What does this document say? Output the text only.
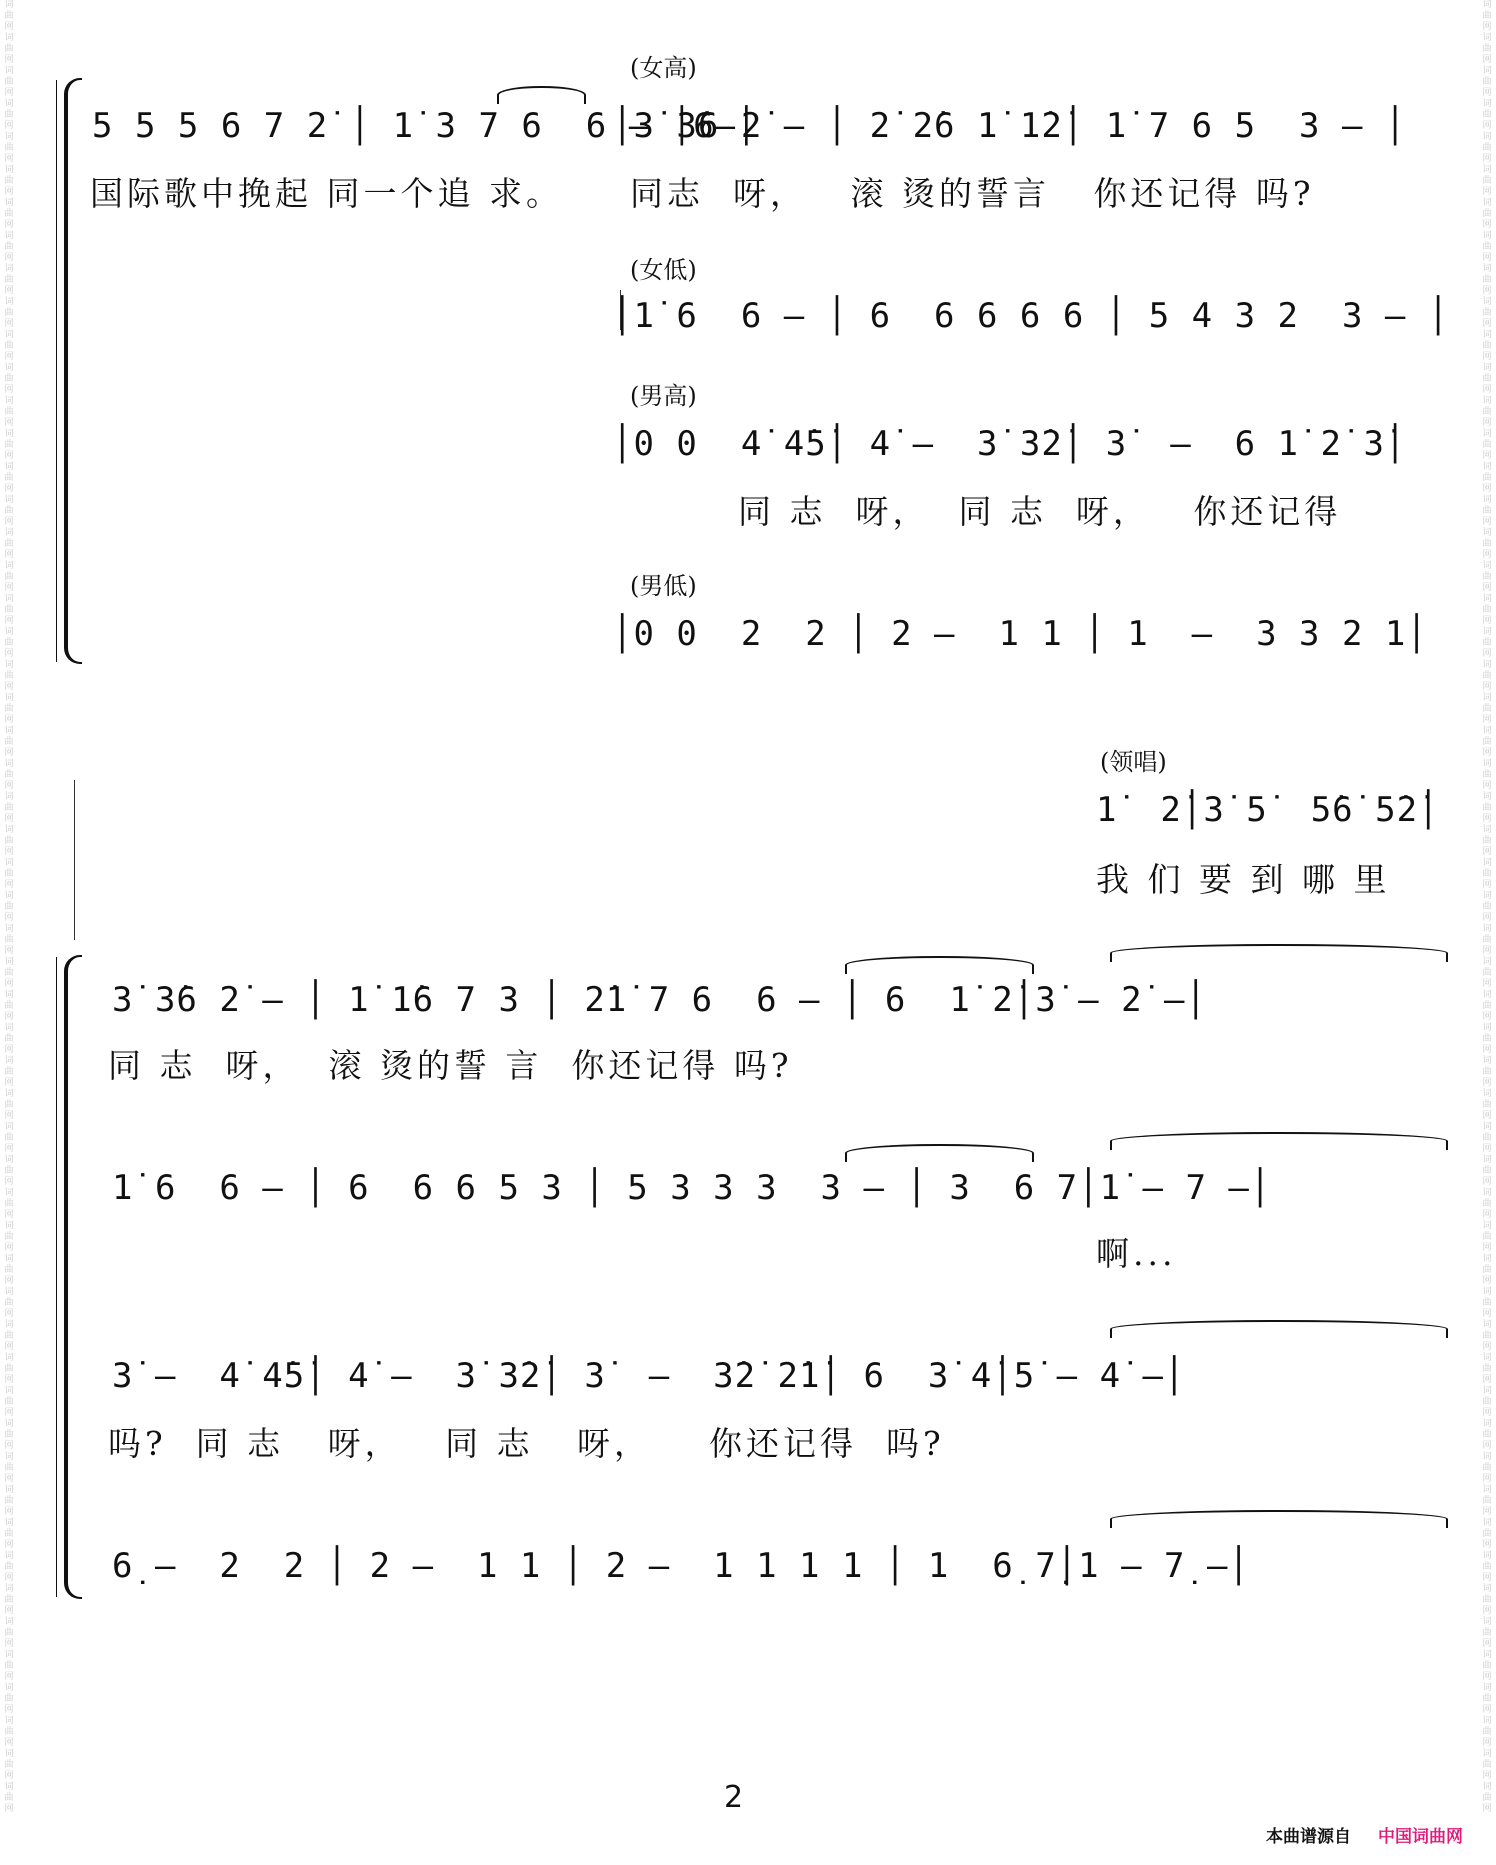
词曲网词曲网词曲网词曲网词曲网词曲网词曲网词曲网词曲网词曲网词曲网词曲网词曲网词曲网词曲网词曲网词曲网词曲网词曲网词曲网词曲网词曲网词曲网词曲网词曲网词曲网词曲网词曲网词曲网词曲网词曲网词曲网词曲网词曲网词曲网词曲网词曲网词曲网词曲网词曲网词曲网词曲网词曲网词曲网词曲网词曲网词曲网词曲网词曲网词曲网词曲网词曲网词曲网词曲网词曲网
词曲网词曲网词曲网词曲网词曲网词曲网词曲网词曲网词曲网词曲网词曲网词曲网词曲网词曲网词曲网词曲网词曲网词曲网词曲网词曲网词曲网词曲网词曲网词曲网词曲网词曲网词曲网词曲网词曲网词曲网词曲网词曲网词曲网词曲网词曲网词曲网词曲网词曲网词曲网词曲网词曲网词曲网词曲网词曲网词曲网词曲网词曲网词曲网词曲网词曲网词曲网词曲网词曲网词曲网词曲网
5 5 5 6 7 2̇ │ 1̇ 3 7 6  6 – │6–│
国际歌中挽起 同一个追 求。
(女高)
│3̇ 3̇6 2̇ – │ 2̇ 2̇6 1̇ 1̇2̇│ 1̇ 7 6 5  3 – │
同志  呀，   滚 烫的誓言   你还记得 吗?
(女低)
│1̇ 6  6 – │ 6  6 6 6 6 │ 5 4 3 2  3 – │
(男高)
│0 0  4̇ 4̇5̇│ 4̇ –  3̇ 3̇2̇│ 3̇  –  6 1̇ 2̇ 3̇│
同 志  呀，  同 志  呀，   你还记得
(男低)
│0 0  2  2 │ 2 –  1 1 │ 1  –  3 3 2 1│
(领唱)
1̇  2̇│3̇ 5̇  5̇6̇ 5̇2̇│
我 们 要 到 哪 里
3̇ 3̇6 2̇ – │ 1̇ 1̇6 7 3 │ 2̇1̇ 7 6  6 – │ 6  1̇ 2̇│3̇ – 2̇ –│
同 志  呀，  滚 烫的誓 言  你还记得 吗?
1̇ 6  6 – │ 6  6 6 5 3 │ 5 3 3 3  3 – │ 3  6 7│1̇ – 7 –│
啊...
3̇ –  4̇ 4̇5̇│ 4̇ –  3̇ 3̇2̇│ 3̇  –  3̇2̇ 2̇1̇│ 6  3̇ 4̇│5̇ – 4̇ –│
吗?  同 志   呀，   同 志   呀，    你还记得  吗?
6̣ –  2  2 │ 2 –  1 1 │ 2 –  1 1 1 1 │ 1  6̣ 7̣│1 – 7̣ –│
2
本曲谱源自 中国词曲网
